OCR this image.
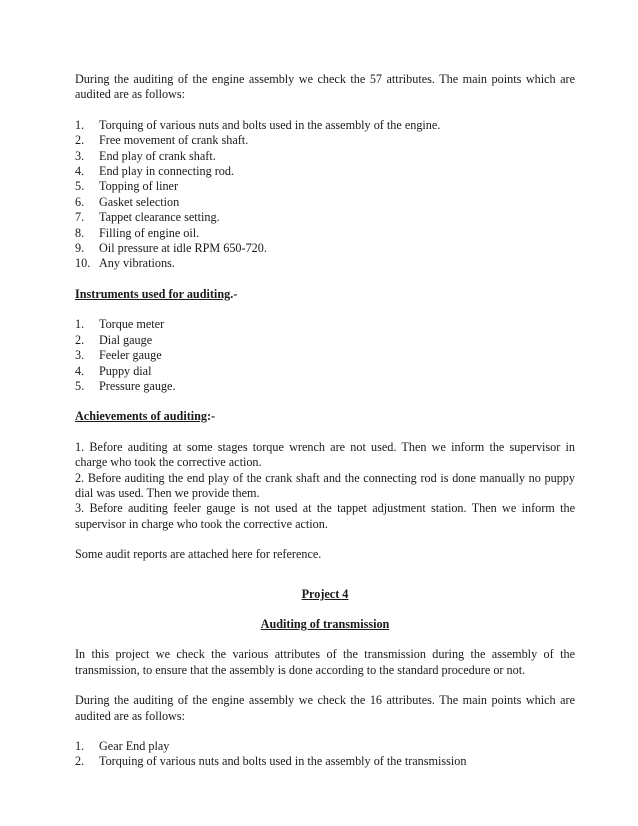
During the auditing of the engine assembly we check the 57 attributes. The main points which are audited are as follows:

1. Torquing of various nuts and bolts used in the assembly of the engine.
2. Free movement of crank shaft.
3. End play of crank shaft.
4. End play in connecting rod.
5. Topping of liner
6. Gasket selection
7. Tappet clearance setting.
8. Filling of engine oil.
9. Oil pressure at idle RPM 650-720.
10. Any vibrations.

Instruments used for auditing.-

1. Torque meter
2. Dial gauge
3. Feeler gauge
4. Puppy dial
5. Pressure gauge.

Achievements of auditing:-

1. Before auditing at some stages torque wrench are not used. Then we inform the supervisor in charge who took the corrective action.

2. Before auditing the end play of the crank shaft and the connecting rod is done manually no puppy dial was used. Then we provide them.

3. Before auditing feeler gauge is not used at the tappet adjustment station. Then we inform the supervisor in charge who took the corrective action.

Some audit reports are attached here for reference.

Project 4

Auditing of transmission

In this project we check the various attributes of the transmission during the assembly of the transmission, to ensure that the assembly is done according to the standard procedure or not.

During the auditing of the engine assembly we check the 16 attributes. The main points which are audited are as follows:

1. Gear End play
2. Torquing of various nuts and bolts used in the assembly of the transmission
